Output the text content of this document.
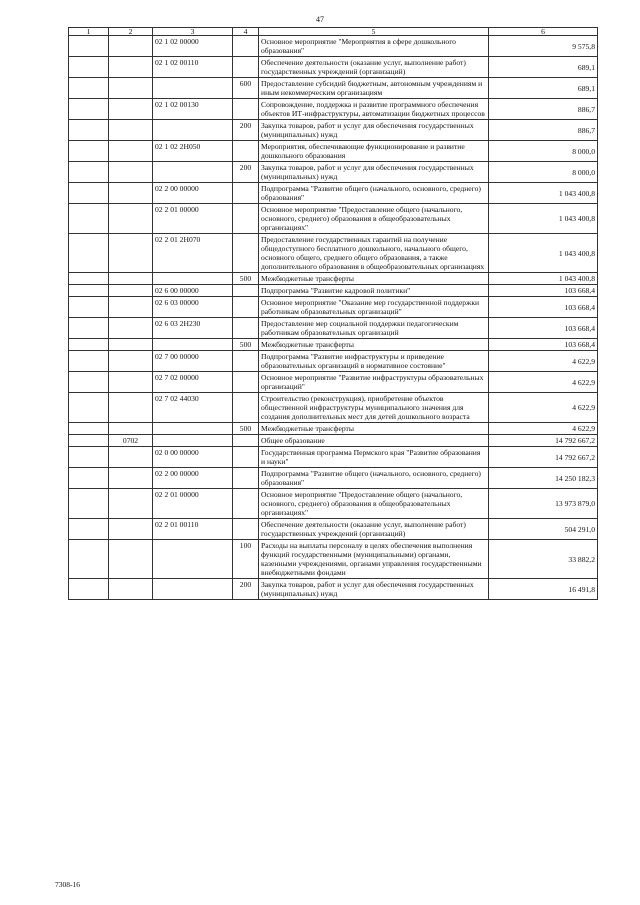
47
1	2	3	4	5	6
		02 1 02 00000		Основное мероприятие "Мероприятия в сфере дошкольного образования"	9 575,8
		02 1 02 00110		Обеспечение деятельности (оказание услуг, выполнение работ) государственных учреждений (организаций)	689,1
			600	Предоставление субсидий бюджетным, автономным учреждениям и иным некоммерческим организациям	689,1
		02 1 02 00130		Сопровождение, поддержка и развитие программного обеспечения объектов ИТ-инфраструктуры, автоматизации бюджетных процессов	886,7
			200	Закупка товаров, работ и услуг для обеспечения государственных (муниципальных) нужд	886,7
		02 1 02 2Н050		Мероприятия, обеспечивающие функционирование и развитие дошкольного образования	8 000,0
			200	Закупка товаров, работ и услуг для обеспечения государственных (муниципальных) нужд	8 000,0
		02 2 00 00000		Подпрограмма "Развитие общего (начального, основного, среднего) образования"	1 043 400,8
		02 2 01 00000		Основное мероприятие "Предоставление общего (начального, основного, среднего) образования в общеобразовательных организациях"	1 043 400,8
		02 2 01 2Н070		Предоставление государственных гарантий на получение общедоступного бесплатного дошкольного, начального общего, основного общего, среднего общего образования, а также дополнительного образования в общеобразовательных организациях	1 043 400,8
			500	Межбюджетные трансферты	1 043 400,8
		02 6 00 00000		Подпрограмма "Развитие кадровой политики"	103 668,4
		02 6 03 00000		Основное мероприятие "Оказание мер государственной поддержки работникам образовательных организаций"	103 668,4
		02 6 03 2Н230		Предоставление мер социальной поддержки педагогическим работникам образовательных организаций	103 668,4
			500	Межбюджетные трансферты	103 668,4
		02 7 00 00000		Подпрограмма "Развитие инфраструктуры и приведение образовательных организаций в нормативное состояние"	4 622,9
		02 7 02 00000		Основное мероприятие "Развитие инфраструктуры образовательных организаций"	4 622,9
		02 7 02 44030		Строительство (реконструкция), приобретение объектов общественной инфраструктуры муниципального значения для создания дополнительных мест для детей дошкольного возраста	4 622,9
			500	Межбюджетные трансферты	4 622,9
	0702			Общее образование	14 792 667,2
		02 0 00 00000		Государственная программа Пермского края "Развитие образования и науки"	14 792 667,2
		02 2 00 00000		Подпрограмма "Развитие общего (начального, основного, среднего) образования"	14 250 182,3
		02 2 01 00000		Основное мероприятие "Предоставление общего (начального, основного, среднего) образования в общеобразовательных организациях"	13 973 879,0
		02 2 01 00110		Обеспечение деятельности (оказание услуг, выполнение работ) государственных учреждений (организаций)	504 291,0
			100	Расходы на выплаты персоналу в целях обеспечения выполнения функций государственными (муниципальными) органами, казенными учреждениями, органами управления государственными внебюджетными фондами	33 882,2
			200	Закупка товаров, работ и услуг для обеспечения государственных (муниципальных) нужд	16 491,8
7308-16
